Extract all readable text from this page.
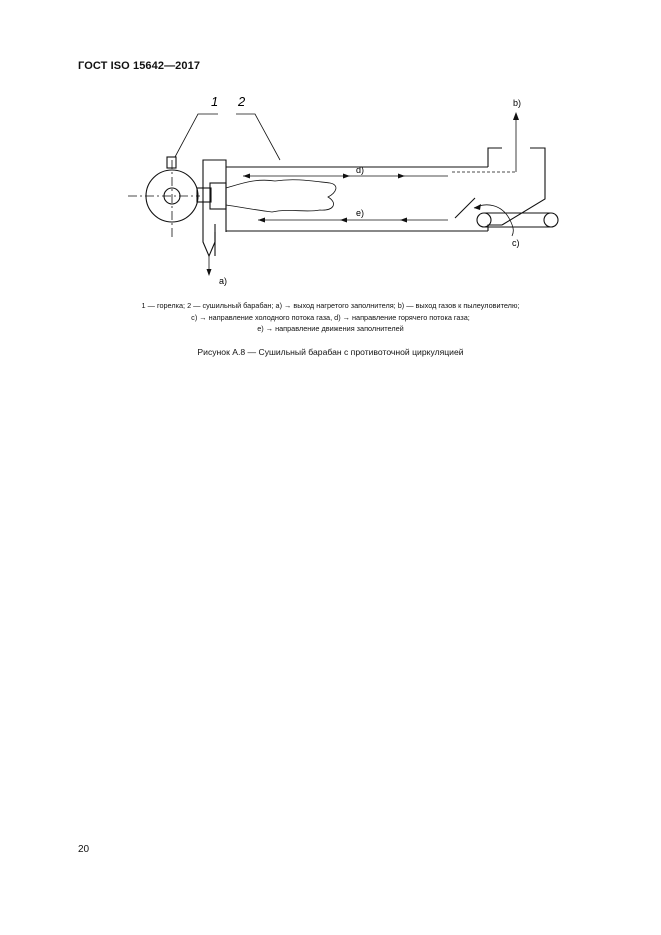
ГОСТ ISO 15642—2017
1 2
a)
b)
c)
d)
e)
1 — горелка; 2 — сушильный барабан; a) → выход нагретого заполнителя; b) — выход газов к пылеуловителю;
с) → направление холодного потока газа, d) → направление горячего потока газа;
е) → направление движения заполнителей
Рисунок А.8 — Сушильный барабан с противоточной циркуляцией
20
